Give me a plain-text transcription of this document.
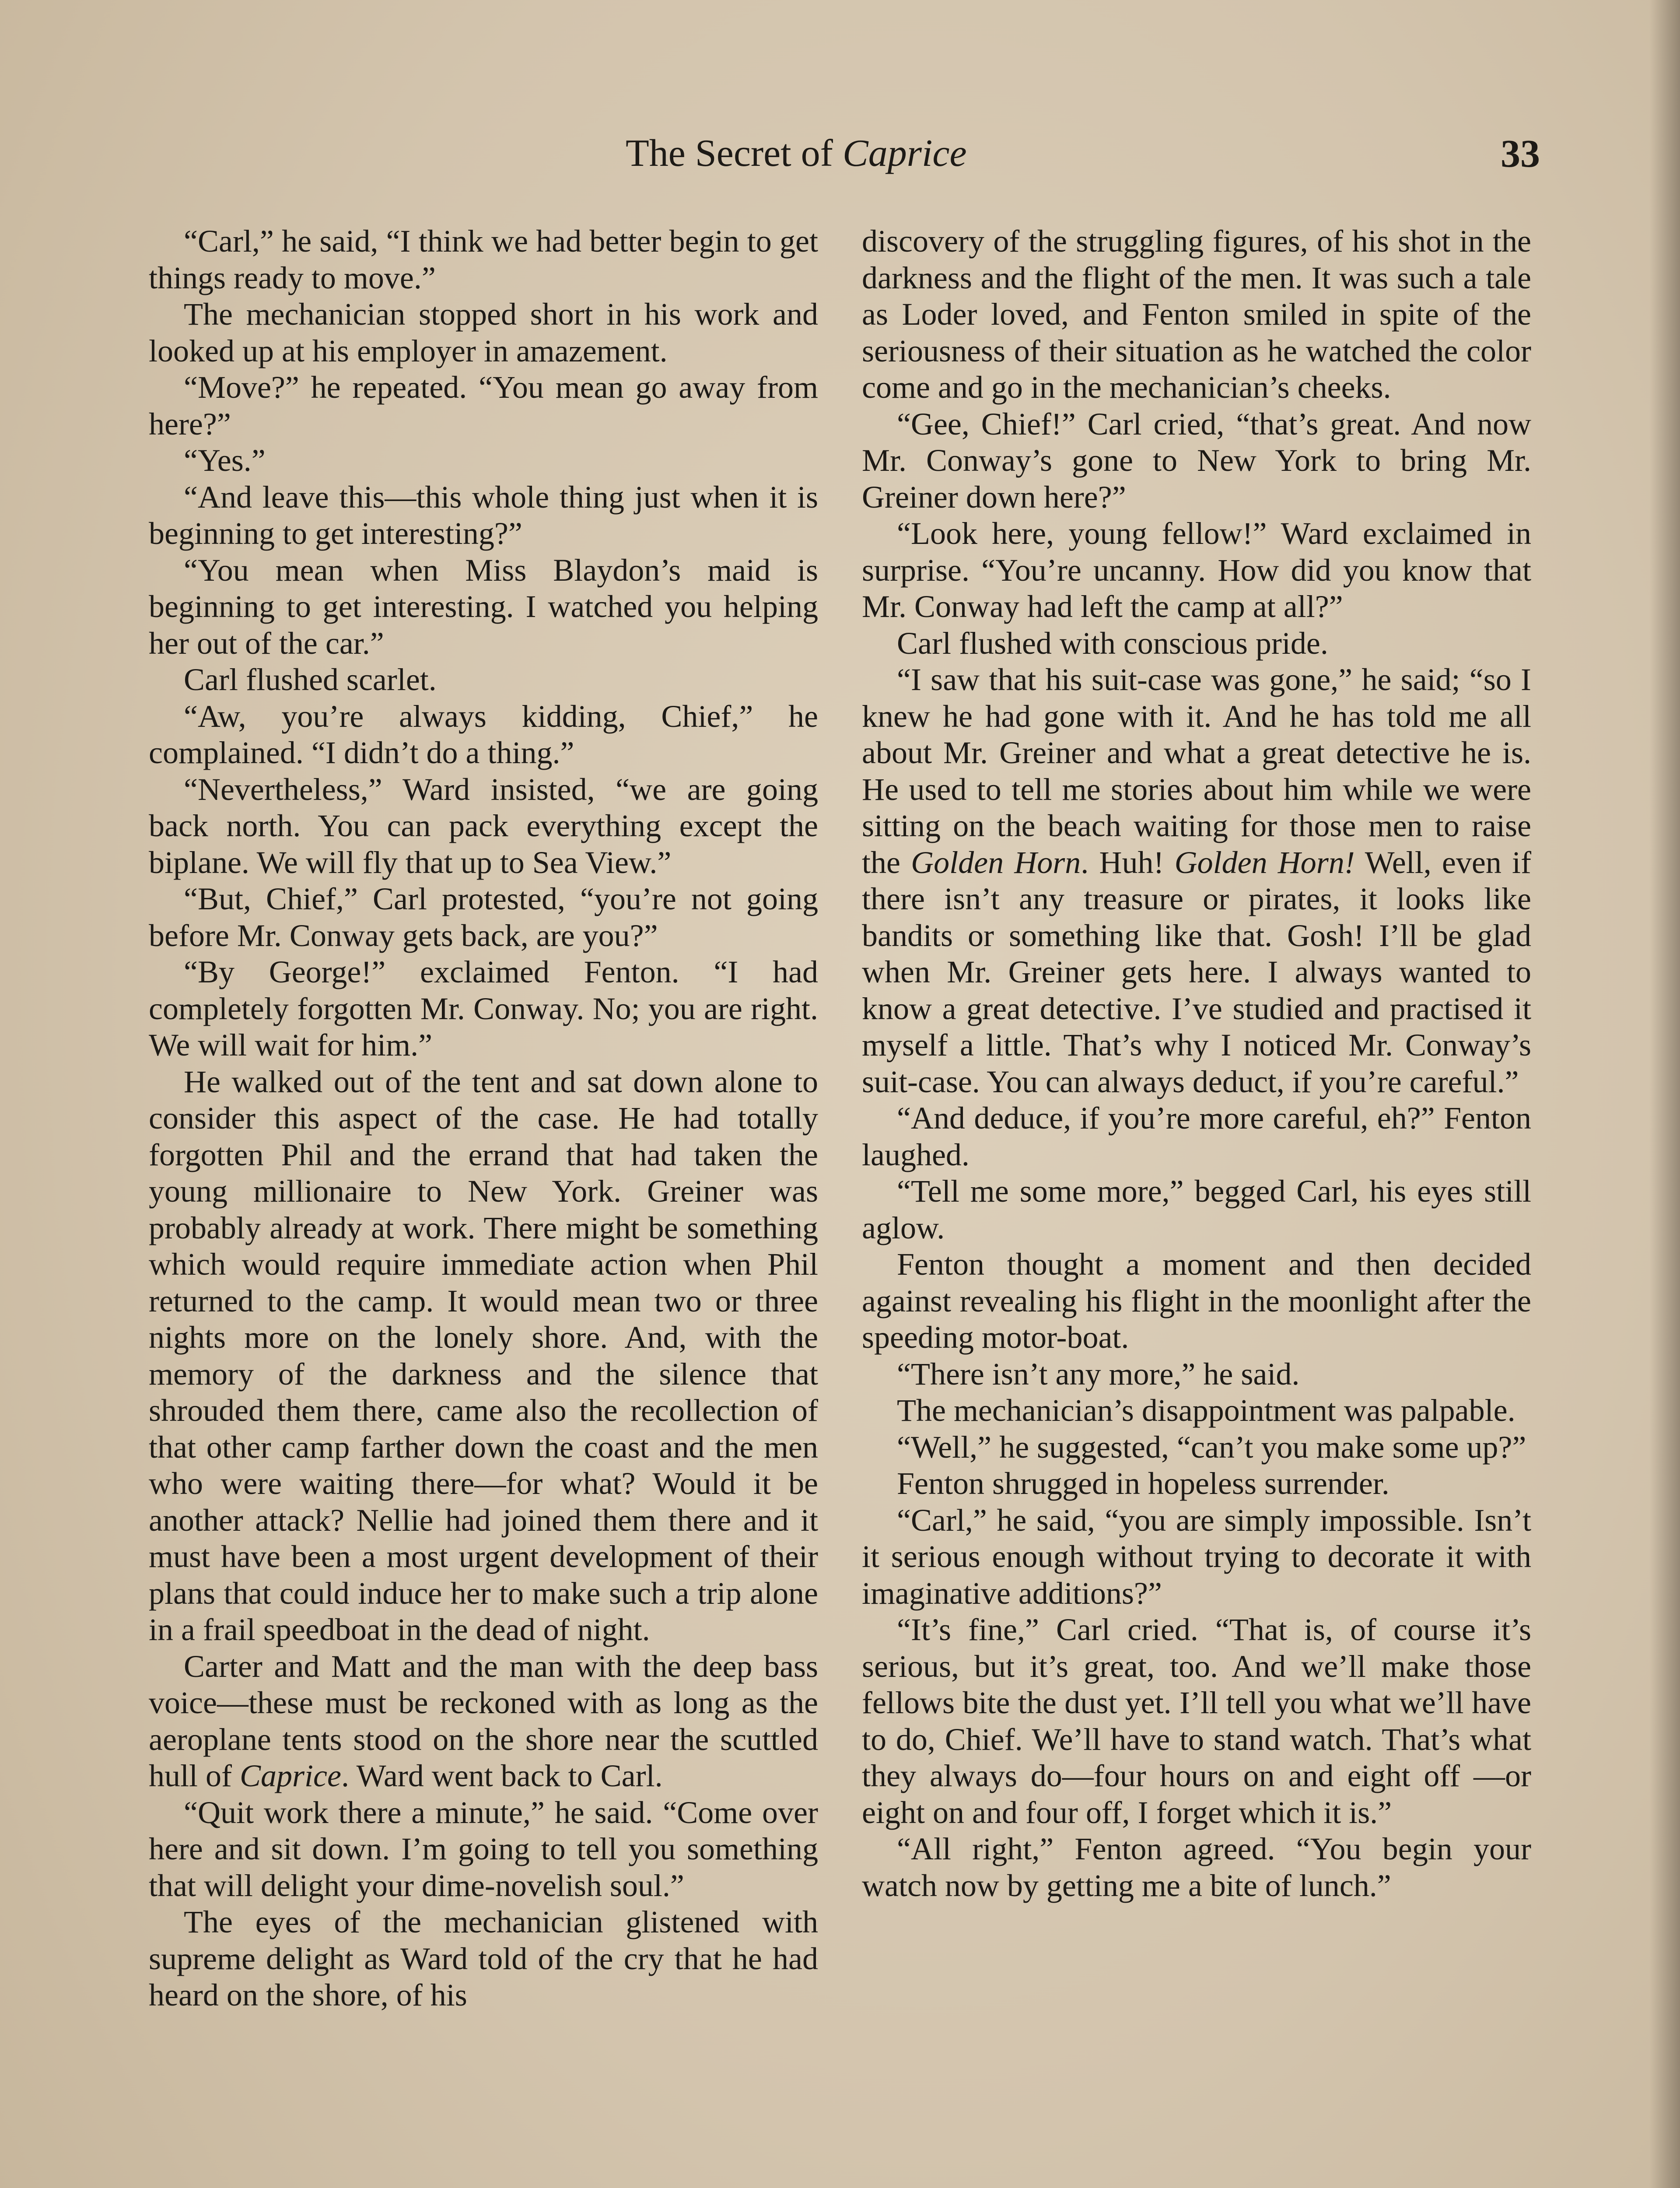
The Secret of Caprice	33

“Carl,” he said, “I think we had better begin to get things ready to move.”

The mechanician stopped short in his work and looked up at his employer in amazement.

“Move?” he repeated. “You mean go away from here?”

“Yes.”

“And leave this—this whole thing just when it is beginning to get interesting?”

“You mean when Miss Blaydon’s maid is beginning to get interesting. I watched you helping her out of the car.”

Carl flushed scarlet.

“Aw, you’re always kidding, Chief,” he complained. “I didn’t do a thing.”

“Nevertheless,” Ward insisted, “we are going back north. You can pack everything except the biplane. We will fly that up to Sea View.”

“But, Chief,” Carl protested, “you’re not going before Mr. Conway gets back, are you?”

“By George!” exclaimed Fenton. “I had completely forgotten Mr. Conway. No; you are right. We will wait for him.”

He walked out of the tent and sat down alone to consider this aspect of the case. He had totally forgotten Phil and the errand that had taken the young millionaire to New York. Greiner was probably already at work. There might be something which would require immediate action when Phil returned to the camp. It would mean two or three nights more on the lonely shore. And, with the memory of the darkness and the silence that shrouded them there, came also the recollection of that other camp farther down the coast and the men who were waiting there—for what? Would it be another attack? Nellie had joined them there and it must have been a most urgent development of their plans that could induce her to make such a trip alone in a frail speedboat in the dead of night.

Carter and Matt and the man with the deep bass voice—these must be reckoned with as long as the aeroplane tents stood on the shore near the scuttled hull of Caprice. Ward went back to Carl.

“Quit work there a minute,” he said. “Come over here and sit down. I’m going to tell you something that will delight your dime-novelish soul.”

The eyes of the mechanician glistened with supreme delight as Ward told of the cry that he had heard on the shore, of his

discovery of the struggling figures, of his shot in the darkness and the flight of the men. It was such a tale as Loder loved, and Fenton smiled in spite of the seriousness of their situation as he watched the color come and go in the mechanician’s cheeks.

“Gee, Chief!” Carl cried, “that’s great. And now Mr. Conway’s gone to New York to bring Mr. Greiner down here?”

“Look here, young fellow!” Ward exclaimed in surprise. “You’re uncanny. How did you know that Mr. Conway had left the camp at all?”

Carl flushed with conscious pride.

“I saw that his suit-case was gone,” he said; “so I knew he had gone with it. And he has told me all about Mr. Greiner and what a great detective he is. He used to tell me stories about him while we were sitting on the beach waiting for those men to raise the Golden Horn. Huh! Golden Horn! Well, even if there isn’t any treasure or pirates, it looks like bandits or something like that. Gosh! I’ll be glad when Mr. Greiner gets here. I always wanted to know a great detective. I’ve studied and practised it myself a little. That’s why I noticed Mr. Conway’s suit-case. You can always deduct, if you’re careful.”

“And deduce, if you’re more careful, eh?” Fenton laughed.

“Tell me some more,” begged Carl, his eyes still aglow.

Fenton thought a moment and then decided against revealing his flight in the moonlight after the speeding motor-boat.

“There isn’t any more,” he said.

The mechanician’s disappointment was palpable.

“Well,” he suggested, “can’t you make some up?”

Fenton shrugged in hopeless surrender.

“Carl,” he said, “you are simply impossible. Isn’t it serious enough without trying to decorate it with imaginative additions?”

“It’s fine,” Carl cried. “That is, of course it’s serious, but it’s great, too. And we’ll make those fellows bite the dust yet. I’ll tell you what we’ll have to do, Chief. We’ll have to stand watch. That’s what they always do—four hours on and eight off —or eight on and four off, I forget which it is.”

“All right,” Fenton agreed. “You begin your watch now by getting me a bite of lunch.”
